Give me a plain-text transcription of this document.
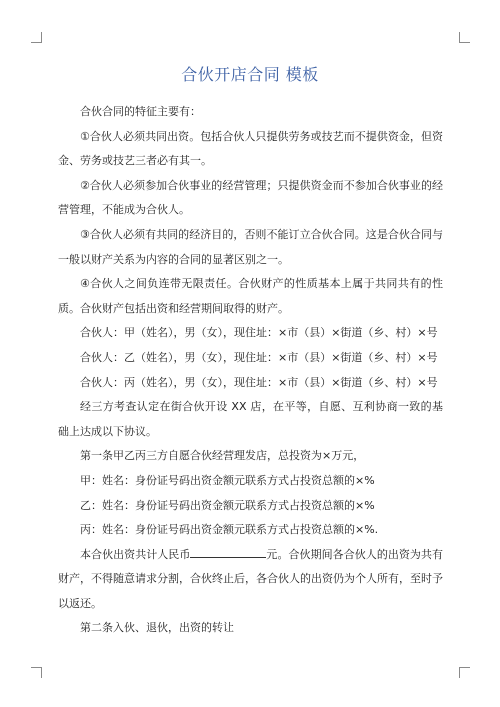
合伙开店合同 模板

合伙合同的特征主要有：

①合伙人必须共同出资。包括合伙人只提供劳务或技艺而不提供资金，但资金、劳务或技艺三者必有其一。

②合伙人必须参加合伙事业的经营管理；只提供资金而不参加合伙事业的经营管理，不能成为合伙人。

③合伙人必须有共同的经济目的，否则不能订立合伙合同。这是合伙合同与一般以财产关系为内容的合同的显著区别之一。

④合伙人之间负连带无限责任。合伙财产的性质基本上属于共同共有的性质。合伙财产包括出资和经营期间取得的财产。

合伙人：甲（姓名），男（女），现住址：×市（县）×街道（乡、村）×号

合伙人：乙（姓名），男（女），现住址：×市（县）×街道（乡、村）×号

合伙人：丙（姓名），男（女），现住址：×市（县）×街道（乡、村）×号

经三方考查认定在街合伙开设 XX 店，在平等，自愿、互利协商一致的基础上达成以下协议。

第一条甲乙丙三方自愿合伙经营理发店，总投资为×万元，

甲：姓名：身份证号码出资金额元联系方式占投资总额的×%

乙：姓名：身份证号码出资金额元联系方式占投资总额的×%

丙：姓名：身份证号码出资金额元联系方式占投资总额的×%.

本合伙出资共计人民币	元。合伙期间各合伙人的出资为共有财产，不得随意请求分割，合伙终止后，各合伙人的出资仍为个人所有，至时予以返还。

第二条入伙、退伙，出资的转让
